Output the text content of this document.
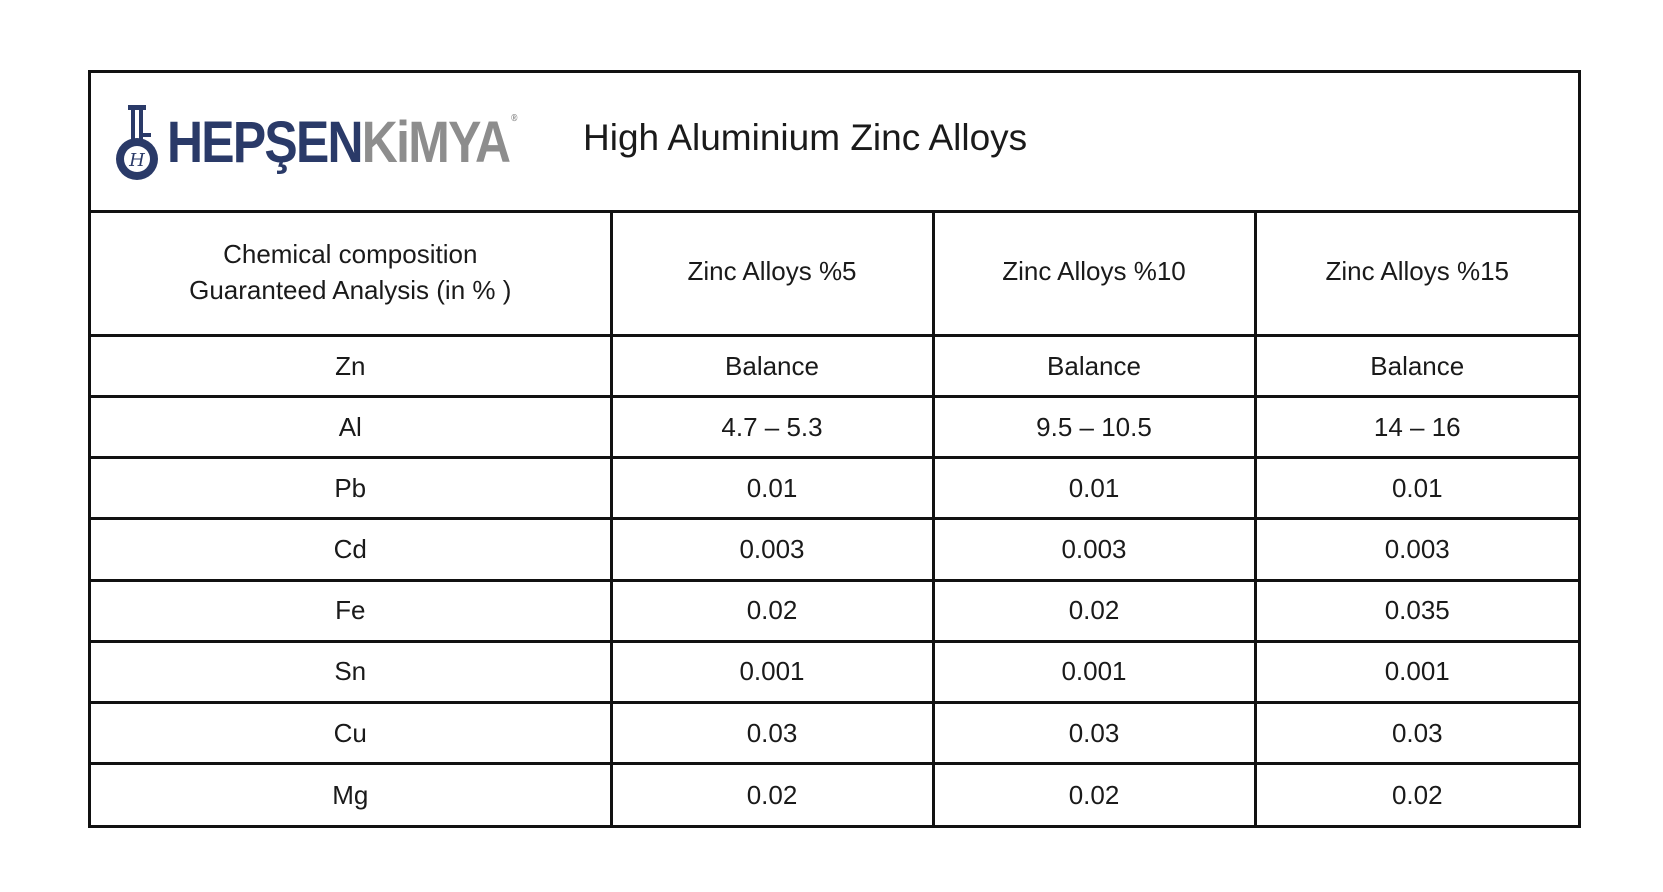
H HEPŞENKiMYA ® High Aluminium Zinc Alloys
Chemical composition
Guaranteed Analysis (in % )	Zinc Alloys %5	Zinc Alloys %10	Zinc Alloys %15
Zn	Balance	Balance	Balance
Al	4.7 – 5.3	9.5 – 10.5	14 – 16
Pb	0.01	0.01	0.01
Cd	0.003	0.003	0.003
Fe	0.02	0.02	0.035
Sn	0.001	0.001	0.001
Cu	0.03	0.03	0.03
Mg	0.02	0.02	0.02
